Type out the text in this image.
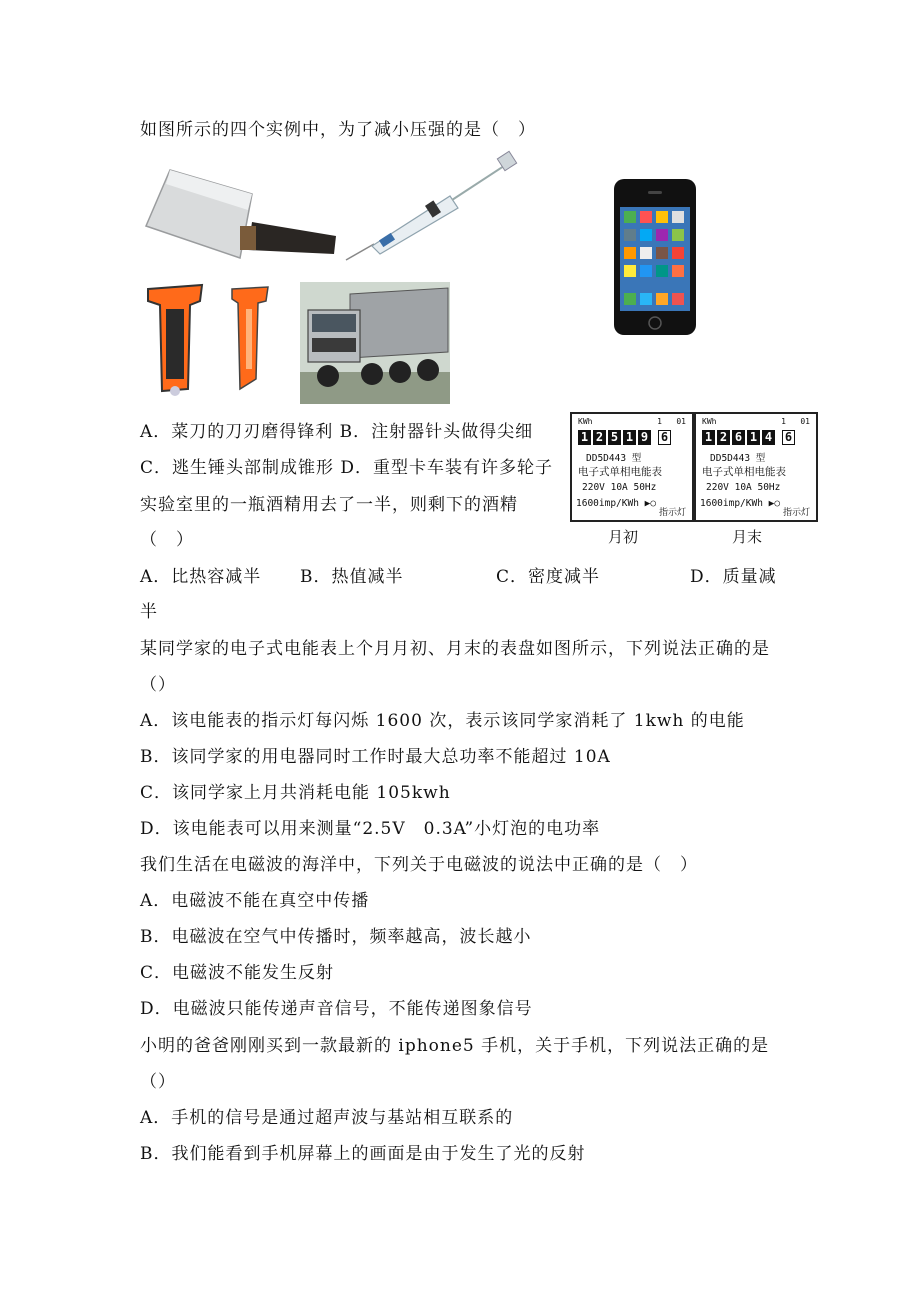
如图所示的四个实例中，为了减小压强的是（　）
A．菜刀的刀刃磨得锋利 B．注射器针头做得尖细
C．逃生锤头部制成锥形 D．重型卡车装有许多轮子
KWh	1 01
1 2 5 1 9 6
DD5D443 型
电子式单相电能表
220V 10A 50Hz
1600imp/KWh ▶○
指示灯
月初
KWh	1 01
1 2 6 1 4 6
DD5D443 型
电子式单相电能表
220V 10A 50Hz
1600imp/KWh ▶○
指示灯
月末
实验室里的一瓶酒精用去了一半，则剩下的酒精
（　）
A．比热容减半 B．热值减半	C．密度减半	D．质量减
半
某同学家的电子式电能表上个月月初、月末的表盘如图所示，下列说法正确的是
（）
A．该电能表的指示灯每闪烁 1600 次，表示该同学家消耗了 1kwh 的电能
B．该同学家的用电器同时工作时最大总功率不能超过 10A
C．该同学家上月共消耗电能 105kwh
D．该电能表可以用来测量“2.5V　0.3A”小灯泡的电功率
我们生活在电磁波的海洋中，下列关于电磁波的说法中正确的是（　）
A．电磁波不能在真空中传播
B．电磁波在空气中传播时，频率越高，波长越小
C．电磁波不能发生反射
D．电磁波只能传递声音信号，不能传递图象信号
小明的爸爸刚刚买到一款最新的 iphone5 手机，关于手机，下列说法正确的是
（）
A．手机的信号是通过超声波与基站相互联系的
B．我们能看到手机屏幕上的画面是由于发生了光的反射
